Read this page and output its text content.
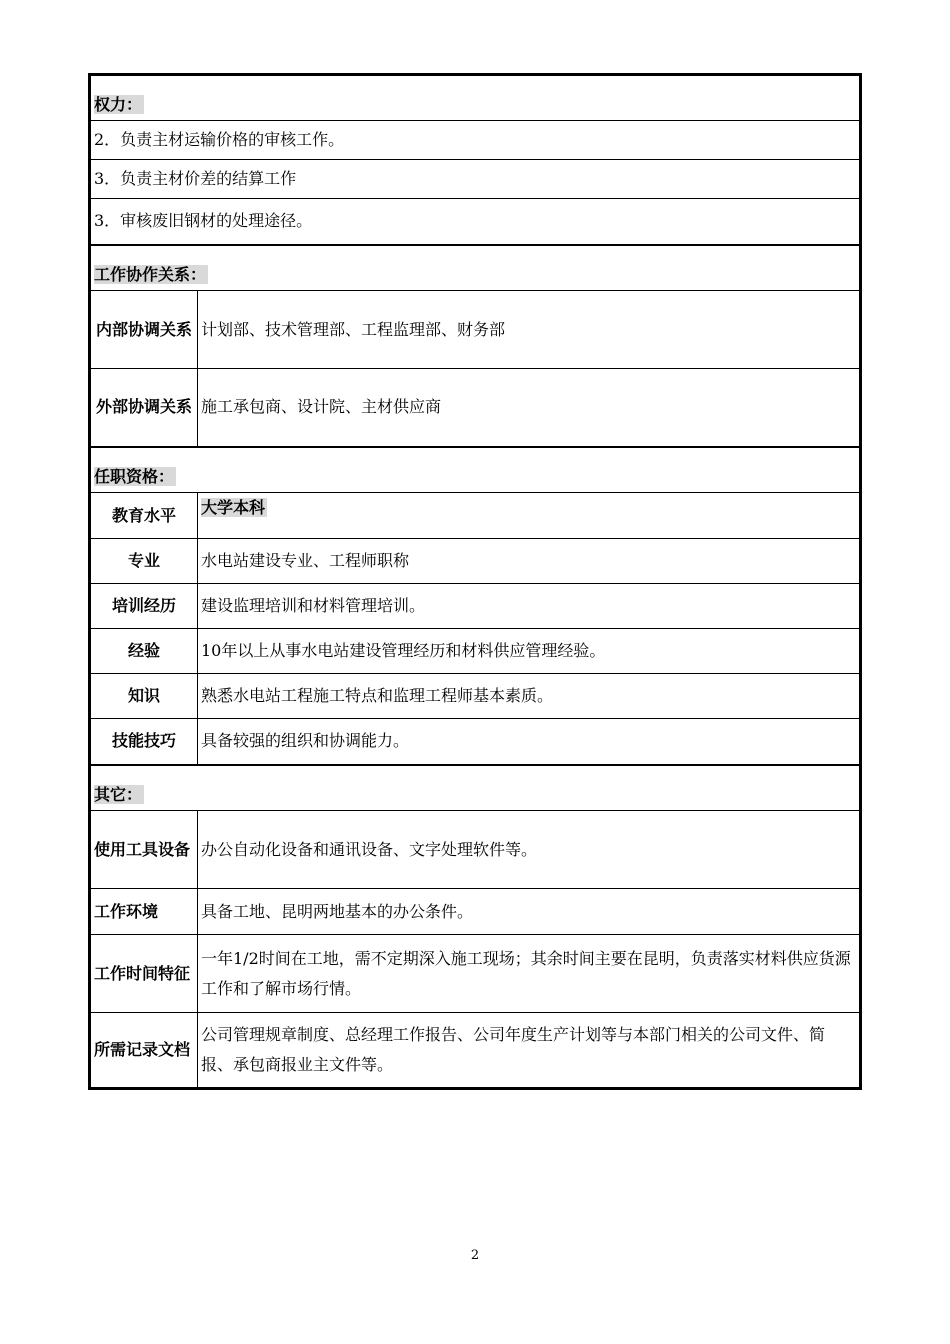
权力：	
2．负责主材运输价格的审核工作。	
3．负责主材价差的结算工作	
3．审核废旧钢材的处理途径。	
工作协作关系：	
内部协调关系	计划部、技术管理部、工程监理部、财务部
外部协调关系	施工承包商、设计院、主材供应商
任职资格：	
教育水平	大学本科
专业	水电站建设专业、工程师职称
培训经历	建设监理培训和材料管理培训。
经验	10年以上从事水电站建设管理经历和材料供应管理经验。
知识	熟悉水电站工程施工特点和监理工程师基本素质。
技能技巧	具备较强的组织和协调能力。
其它：	
使用工具设备	办公自动化设备和通讯设备、文字处理软件等。
工作环境	具备工地、昆明两地基本的办公条件。
工作时间特征	一年1/2时间在工地，需不定期深入施工现场；其余时间主要在昆明，负责落实材料供应货源工作和了解市场行情。
所需记录文档	公司管理规章制度、总经理工作报告、公司年度生产计划等与本部门相关的公司文件、简报、承包商报业主文件等。
2
